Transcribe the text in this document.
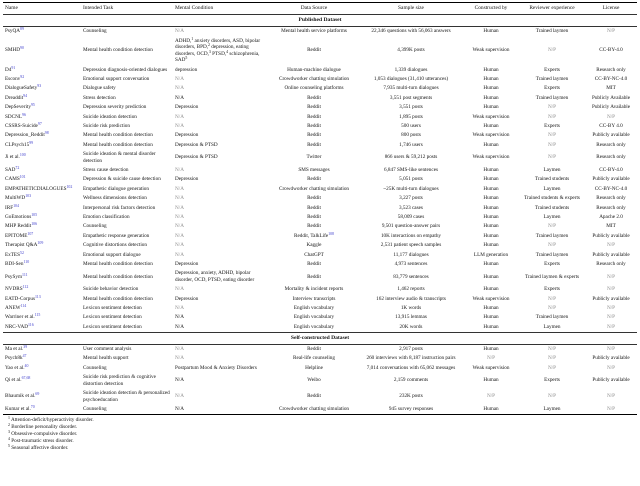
Name	Intended Task	Mental Condition	Data Source	Sample size	Constructed by	Reviewer experience	License
Published Dataset							
PsyQA$^{89}$	Counseling	N/A	Mental health service platforms	22,346 questions with 56,063 answers	Human	Trained laymen	N/P
SMHD$^{90}$	Mental health condition detection	ADHD,$^1$ anxiety disorders, ASD, bipolar disorders, BPD,$^2$ depression, eating disorders, OCD,$^3$ PTSD,$^4$ schizophrenia, SAD$^5$	Reddit	4,399K posts	Weak supervision	N/P	CC-BY-4.0
D4$^{91}$	Depression diagnosis-oriented dialogues	depression	Human-machine dialogue	1,339 dialogues	Human	Experts	Research only
Esconv$^{92}$	Emotional support conversation	N/A	Crowdworker chatting simulation	1,053 dialogues (31,410 utterances)	Human	Trained laymen	CC-BY-NC-4.0
DialogueSafety$^{93}$	Dialogue safety	N/A	Online counseling platforms	7,935 multi-turn dialogues	Human	Experts	MIT
Dreaddit$^{94}$	Stress detection	N/A	Reddit	3,551 post segments	Human	Trained laymen	Publicly Available
DepSeverity$^{95}$	Depression severity prediction	Depression	Reddit	3,551 posts	Human	N/P	Publicly Available
SDCNL$^{96}$	Suicide ideation detection	N/A	Reddit	1,895 posts	Weak supervision	N/P	N/P
CSSRS-Suicide$^{97}$	Suicide risk prediction	N/A	Reddit	500 users	Human	Experts	CC-BY 4.0
Depression_Reddit$^{98}$	Mental health condition detection	Depression	Reddit	800 posts	Weak supervision	N/P	Publicly available
CLPsych15$^{99}$	Mental health condition detection	Depression & PTSD	Reddit	1,746 users	Human	N/P	Research only
Ji et al.$^{100}$	Suicide ideation & mental disorder detection	Depression & PTSD	Twitter	866 users & 59,212 posts	Weak supervision	N/P	Research only
SAD$^{72}$	Stress cause detection	N/A	SMS messages	6,847 SMS-like sentences	Human	Laymen	CC-BY-4.0
CAMS$^{101}$	Depression & suicide cause detection	Depression	Reddit	5,051 posts	Human	Trained students	Publicly available
EMPATHETICDIALOGUES$^{102}$	Empathetic dialogue generation	N/A	Crowdworker chatting simulation	~25K multi-turn dialogues	Human	Laymen	CC-BY-NC-4.0
MultiWD$^{103}$	Wellness dimensions detection	N/A	Reddit	3,227 posts	Human	Trained students & experts	Research only
IRF$^{104}$	Interpersonal risk factors detection	N/A	Reddit	3,523 cases	Human	Trained students	Research only
GoEmotions$^{105}$	Emotion classification	N/A	Reddit	58,009 cases	Human	Laymen	Apache 2.0
MHP Reddit$^{106}$	Counseling	N/A	Reddit	9,501 question-answer pairs	Human	N/P	MIT
EPITOME$^{107}$	Empathetic response generation	N/A	Reddit, TalkLife$^{108}$	10K interactions on empathy	Human	Trained laymen	Publicly available
Therapist Q&A$^{109}$	Cognitive distortions detection	N/A	Kaggle	2,531 patient speech samples	Human	N/P	N/P
ExTES$^{52}$	Emotional support dialogue	N/A	ChatGPT	11,177 dialogues	LLM generation	Trained laymen	Publicly available
BDI-Sen$^{110}$	Mental health condition detection	Depression	Reddit	4,973 sentences	Human	Experts	Research only
PsySym$^{111}$	Mental health condition detection	Depression, anxiety, ADHD, bipolar disorder, OCD, PTSD, eating disorder	Reddit	83,779 sentences	Human	Trained laymen & experts	N/P
NVDRS$^{112}$	Suicide behavior detection	N/A	Mortality & incident reports	1,462 reports	Human	Experts	N/P
EATD-Corpus$^{113}$	Mental health condition detection	Depression	Interview transcripts	162 interview audio & transcripts	Weak supervision	N/P	Publicly available
ANEW$^{114}$	Lexicon sentiment detection	N/A	English vocabulary	1K words	Human	N/P	N/P
Warriner et al.$^{115}$	Lexicon sentiment detection	N/A	English vocabulary	13,915 lemmas	Human	Trained laymen	N/P
NRC-VAD$^{116}$	Lexicon sentiment detection	N/A	English vocabulary	20K words	Human	Laymen	N/P
Self-constructed Dataset							
Ma et al.$^{39}$	User comment analysis	N/A	Reddit	2,917 posts	Human	N/P	N/P
Psych8k$^{47}$	Mental health support	N/A	Real-life counseling	260 interviews with 8,187 instruction pairs	N/P	N/P	Publicly available
Yao et al.$^{40}$	Counseling	Postpartum Mood & Anxiety Disorders	Helpline	7,014 conversations with 65,062 messages	Weak supervision	N/P	N/P
Qi et al.$^{67,68}$	Suicide risk prediction & cognitive distortion detection	N/A	Weibo	2,159 comments	Human	Experts	Publicly available
Bhaumik et al.$^{69}$	Suicide ideation detection & personalized psychoeducation	N/A	Reddit	232K posts	N/P	N/P	N/P
Kumar et al.$^{70}$	Counseling	N/A	Crowdworker chatting simulation	945 survey responses	Human	Laymen	N/P
$^1$ Attention-deficit/hyperactivity disorder.
$^2$ Borderline personality disorder.
$^3$ Obsessive-compulsive disorder.
$^4$ Post-traumatic stress disorder.
$^5$ Seasonal affective disorder.
